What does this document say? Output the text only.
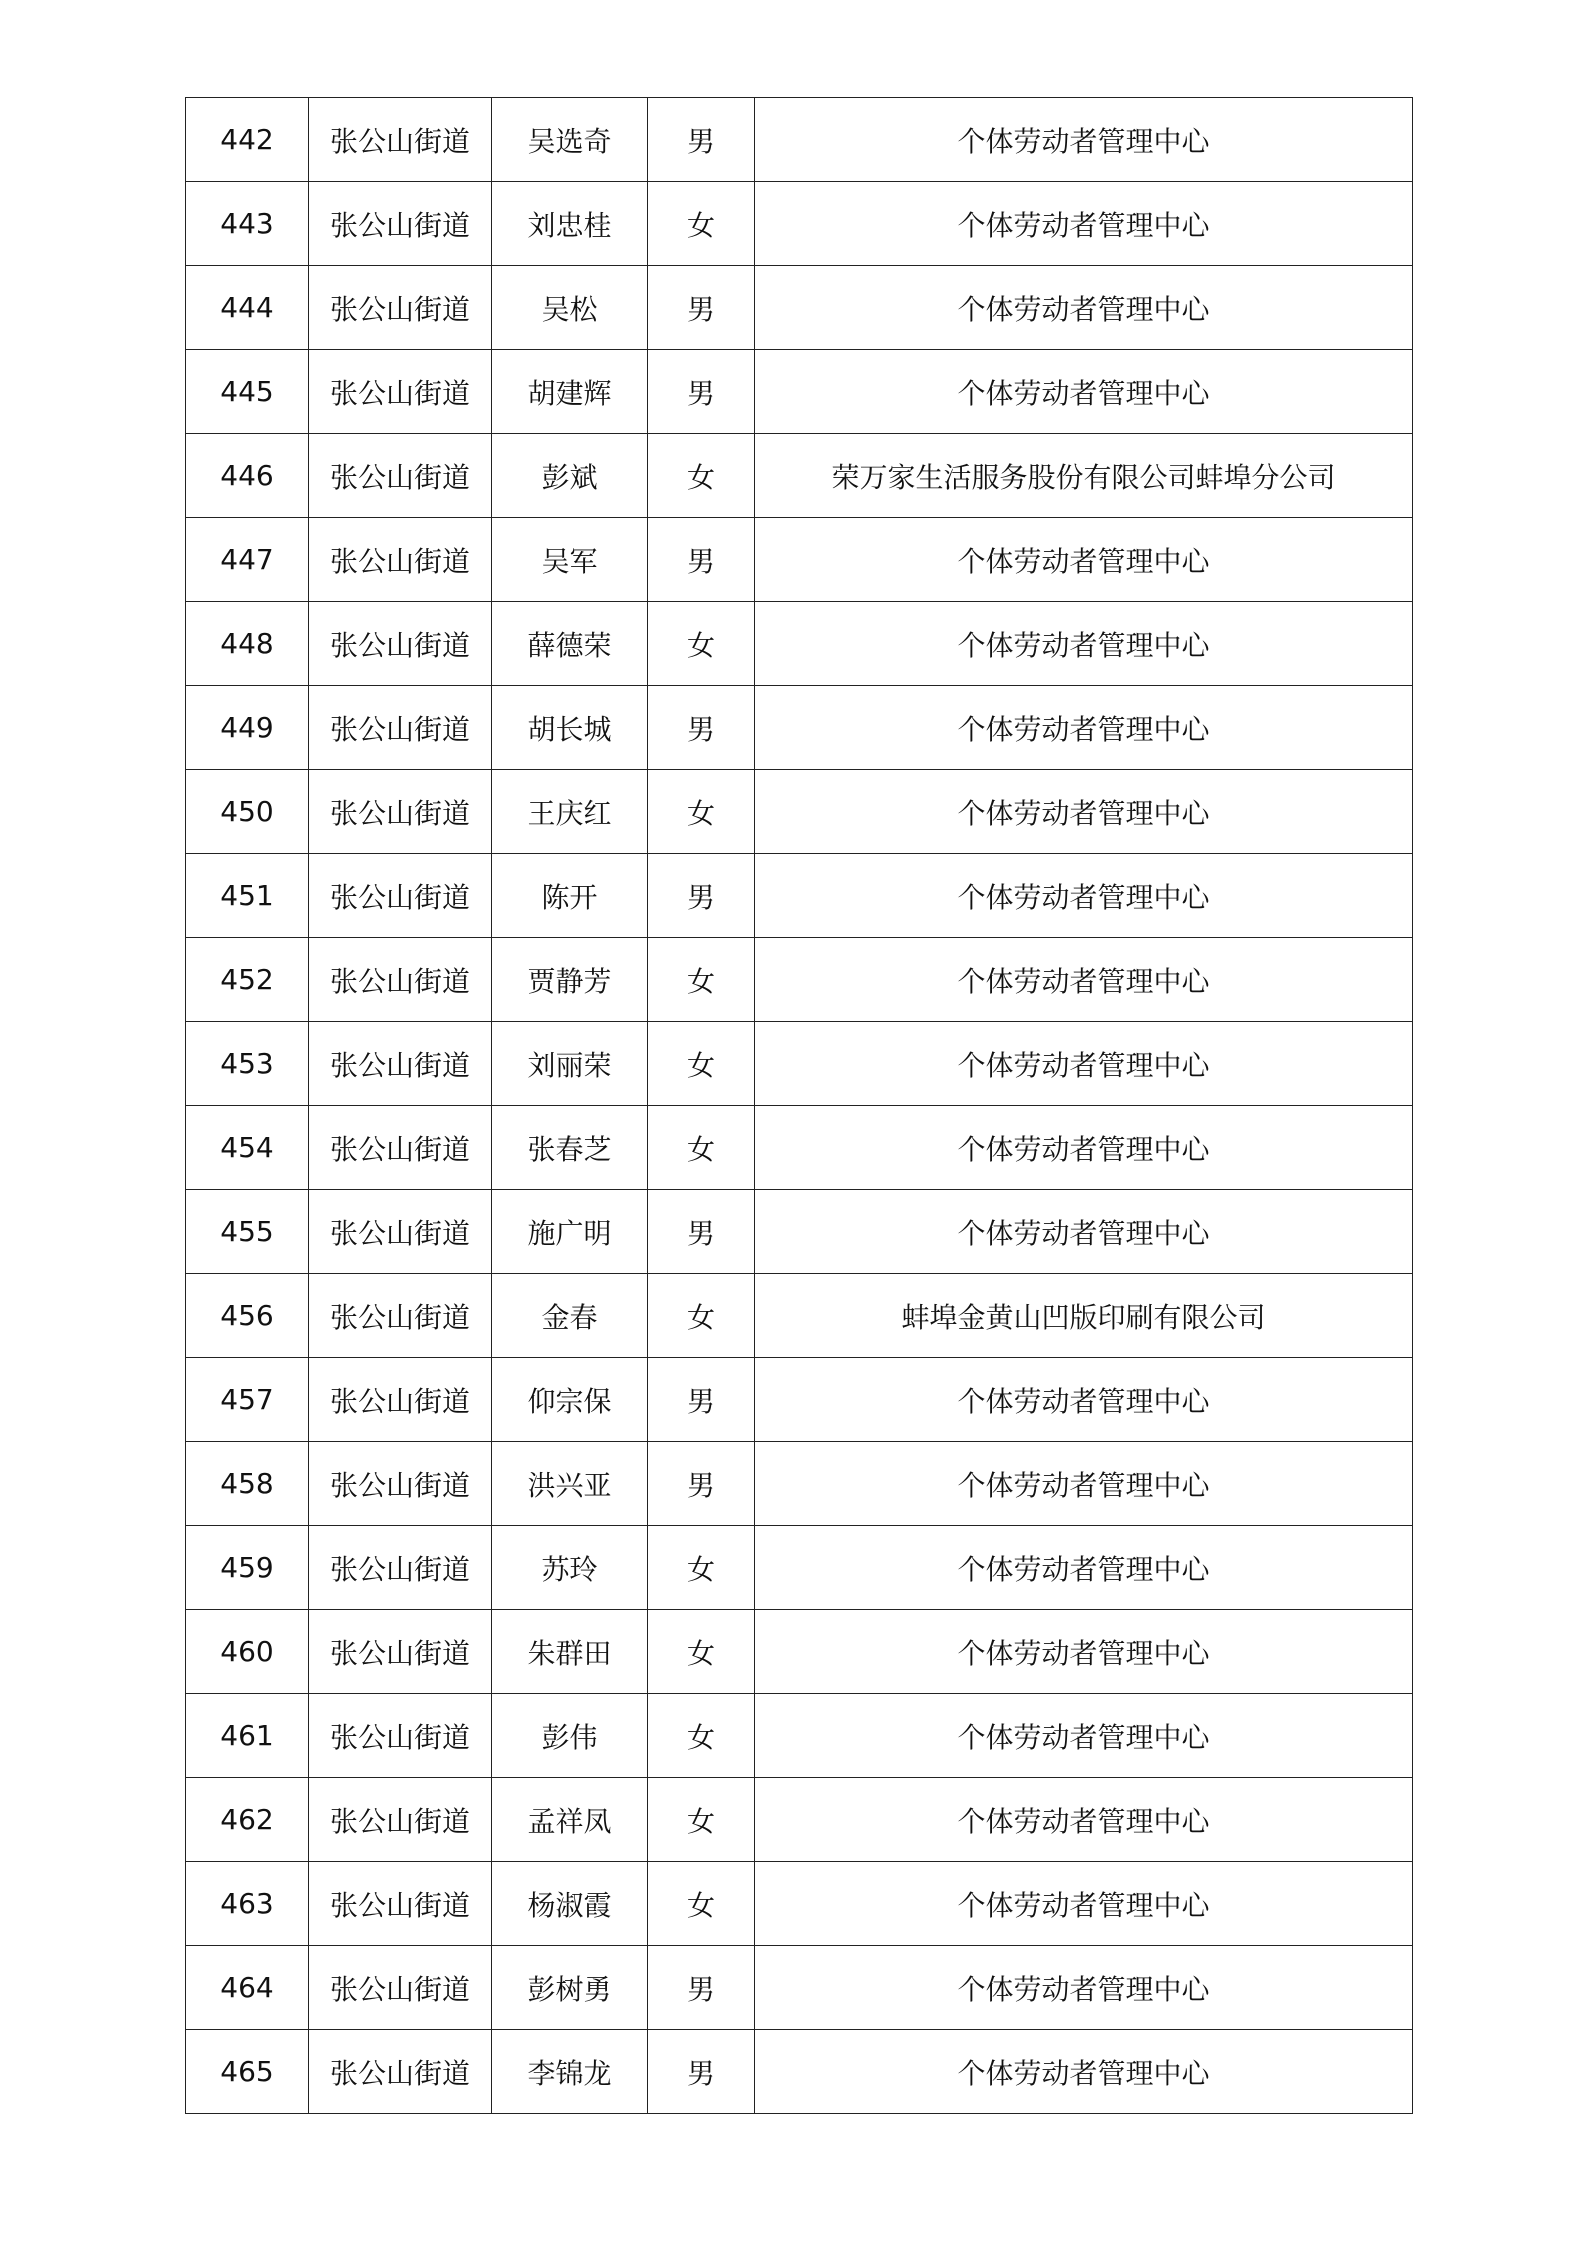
442	张公山街道	吴选奇	男	个体劳动者管理中心
443	张公山街道	刘忠桂	女	个体劳动者管理中心
444	张公山街道	吴松	男	个体劳动者管理中心
445	张公山街道	胡建辉	男	个体劳动者管理中心
446	张公山街道	彭斌	女	荣万家生活服务股份有限公司蚌埠分公司
447	张公山街道	吴军	男	个体劳动者管理中心
448	张公山街道	薛德荣	女	个体劳动者管理中心
449	张公山街道	胡长城	男	个体劳动者管理中心
450	张公山街道	王庆红	女	个体劳动者管理中心
451	张公山街道	陈开	男	个体劳动者管理中心
452	张公山街道	贾静芳	女	个体劳动者管理中心
453	张公山街道	刘丽荣	女	个体劳动者管理中心
454	张公山街道	张春芝	女	个体劳动者管理中心
455	张公山街道	施广明	男	个体劳动者管理中心
456	张公山街道	金春	女	蚌埠金黄山凹版印刷有限公司
457	张公山街道	仰宗保	男	个体劳动者管理中心
458	张公山街道	洪兴亚	男	个体劳动者管理中心
459	张公山街道	苏玲	女	个体劳动者管理中心
460	张公山街道	朱群田	女	个体劳动者管理中心
461	张公山街道	彭伟	女	个体劳动者管理中心
462	张公山街道	孟祥凤	女	个体劳动者管理中心
463	张公山街道	杨淑霞	女	个体劳动者管理中心
464	张公山街道	彭树勇	男	个体劳动者管理中心
465	张公山街道	李锦龙	男	个体劳动者管理中心
